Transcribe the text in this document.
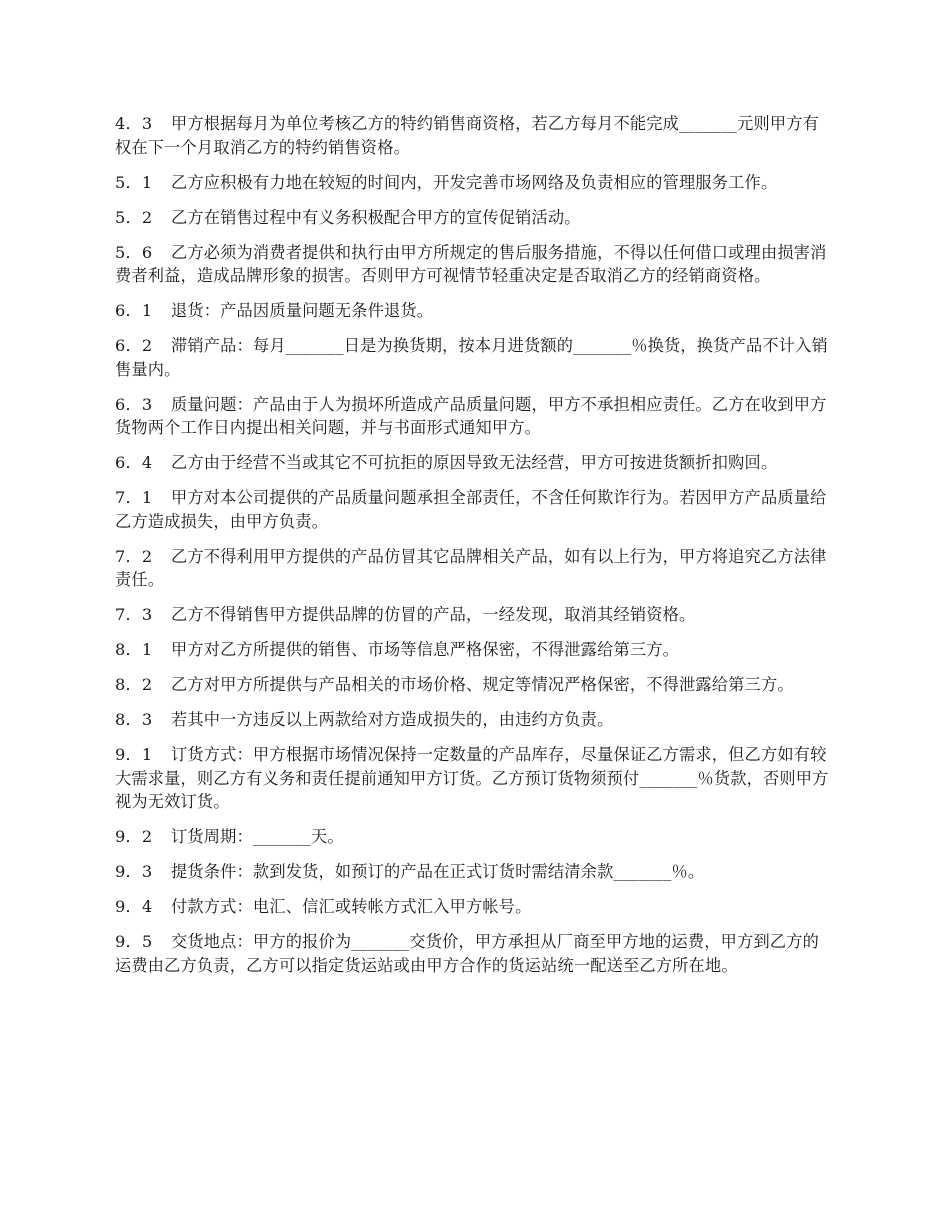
4．3 甲方根据每月为单位考核乙方的特约销售商资格，若乙方每月不能完成_______元则甲方有权在下一个月取消乙方的特约销售资格。

5．1 乙方应积极有力地在较短的时间内，开发完善市场网络及负责相应的管理服务工作。

5．2 乙方在销售过程中有义务积极配合甲方的宣传促销活动。

5．6 乙方必须为消费者提供和执行由甲方所规定的售后服务措施，不得以任何借口或理由损害消费者利益，造成品牌形象的损害。否则甲方可视情节轻重决定是否取消乙方的经销商资格。

6．1 退货：产品因质量问题无条件退货。

6．2 滞销产品：每月_______日是为换货期，按本月进货额的_______％换货，换货产品不计入销售量内。

6．3 质量问题：产品由于人为损坏所造成产品质量问题，甲方不承担相应责任。乙方在收到甲方货物两个工作日内提出相关问题，并与书面形式通知甲方。

6．4 乙方由于经营不当或其它不可抗拒的原因导致无法经营，甲方可按进货额折扣购回。

7．1 甲方对本公司提供的产品质量问题承担全部责任，不含任何欺诈行为。若因甲方产品质量给乙方造成损失，由甲方负责。

7．2 乙方不得利用甲方提供的产品仿冒其它品牌相关产品，如有以上行为，甲方将追究乙方法律责任。

7．3 乙方不得销售甲方提供品牌的仿冒的产品，一经发现，取消其经销资格。

8．1 甲方对乙方所提供的销售、市场等信息严格保密，不得泄露给第三方。

8．2 乙方对甲方所提供与产品相关的市场价格、规定等情况严格保密，不得泄露给第三方。

8．3 若其中一方违反以上两款给对方造成损失的，由违约方负责。

9．1 订货方式：甲方根据市场情况保持一定数量的产品库存，尽量保证乙方需求，但乙方如有较大需求量，则乙方有义务和责任提前通知甲方订货。乙方预订货物须预付_______％货款，否则甲方视为无效订货。

9．2 订货周期：_______天。

9．3 提货条件：款到发货，如预订的产品在正式订货时需结清余款_______％。

9．4 付款方式：电汇、信汇或转帐方式汇入甲方帐号。

9．5 交货地点：甲方的报价为_______交货价，甲方承担从厂商至甲方地的运费，甲方到乙方的运费由乙方负责，乙方可以指定货运站或由甲方合作的货运站统一配送至乙方所在地。
